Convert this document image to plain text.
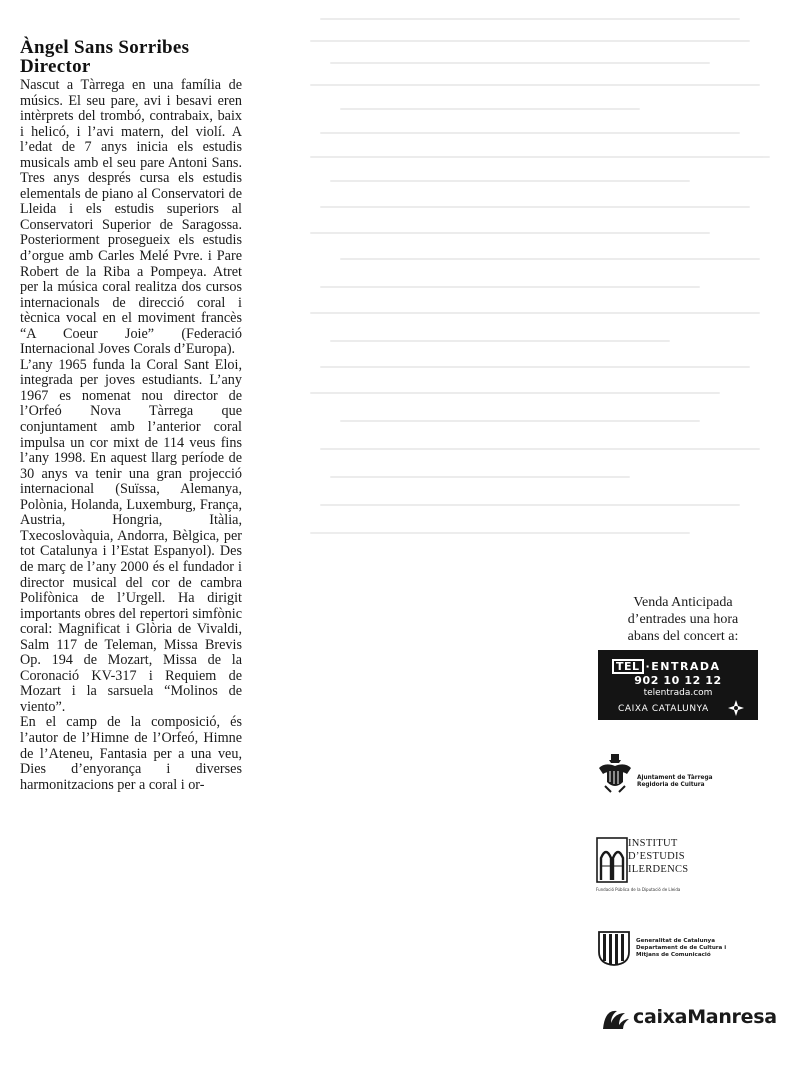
Àngel Sans Sorribes
Director

Nascut a Tàrrega en una família de músics. El seu pare, avi i besavi eren intèrprets del trombó, contrabaix, baix i helicó, i l’avi matern, del violí. A l’edat de 7 anys inicia els estudis musicals amb el seu pare Antoni Sans. Tres anys després cursa els estudis elementals de piano al Conservatori de Lleida i els estudis superiors al Conservatori Superior de Saragossa. Posteriorment prosegueix els estudis d’orgue amb Carles Melé Pvre. i Pare Robert de la Riba a Pompeya. Atret per la música coral realitza dos cursos internacionals de direcció coral i tècnica vocal en el moviment francès “A Coeur Joie” (Federació Internacional Joves Corals d’Europa).

L’any 1965 funda la Coral Sant Eloi, integrada per joves estudiants. L’any 1967 es nomenat nou director de l’Orfeó Nova Tàrrega que conjuntament amb l’anterior coral impulsa un cor mixt de 114 veus fins l’any 1998. En aquest llarg període de 30 anys va tenir una gran projecció internacional (Suïssa, Alemanya, Polònia, Holanda, Luxemburg, França, Austria, Hongria, Itàlia, Txecoslovàquia, Andorra, Bèlgica, per tot Catalunya i l’Estat Espanyol). Des de març de l’any 2000 és el fundador i director musical del cor de cambra Polifònica de l’Urgell. Ha dirigit importants obres del repertori simfònic coral: Magnificat i Glòria de Vivaldi, Salm 117 de Teleman, Missa Brevis Op. 194 de Mozart, Missa de la Coronació KV-317 i Requiem de Mozart i la sarsuela “Molinos de viento”.

En el camp de la composició, és l’autor de l’Himne de l’Orfeó, Himne de l’Ateneu, Fantasia per a una veu, Dies d’enyorança i diverses harmonitzacions per a coral i or-

Venda Anticipada
d’entrades una hora
abans del concert a:
TEL ·ENTRADA
902 10 12 12
telentrada.com
CAIXA CATALUNYA
Ajuntament de Tàrrega
Regidoria de Cultura
INSTITUT
D’ESTUDIS
ILERDENCS
Fundació Pública de la Diputació de Lleida
Generalitat de Catalunya
Departament de de Cultura i
Mitjans de Comunicació
caixaManresa
